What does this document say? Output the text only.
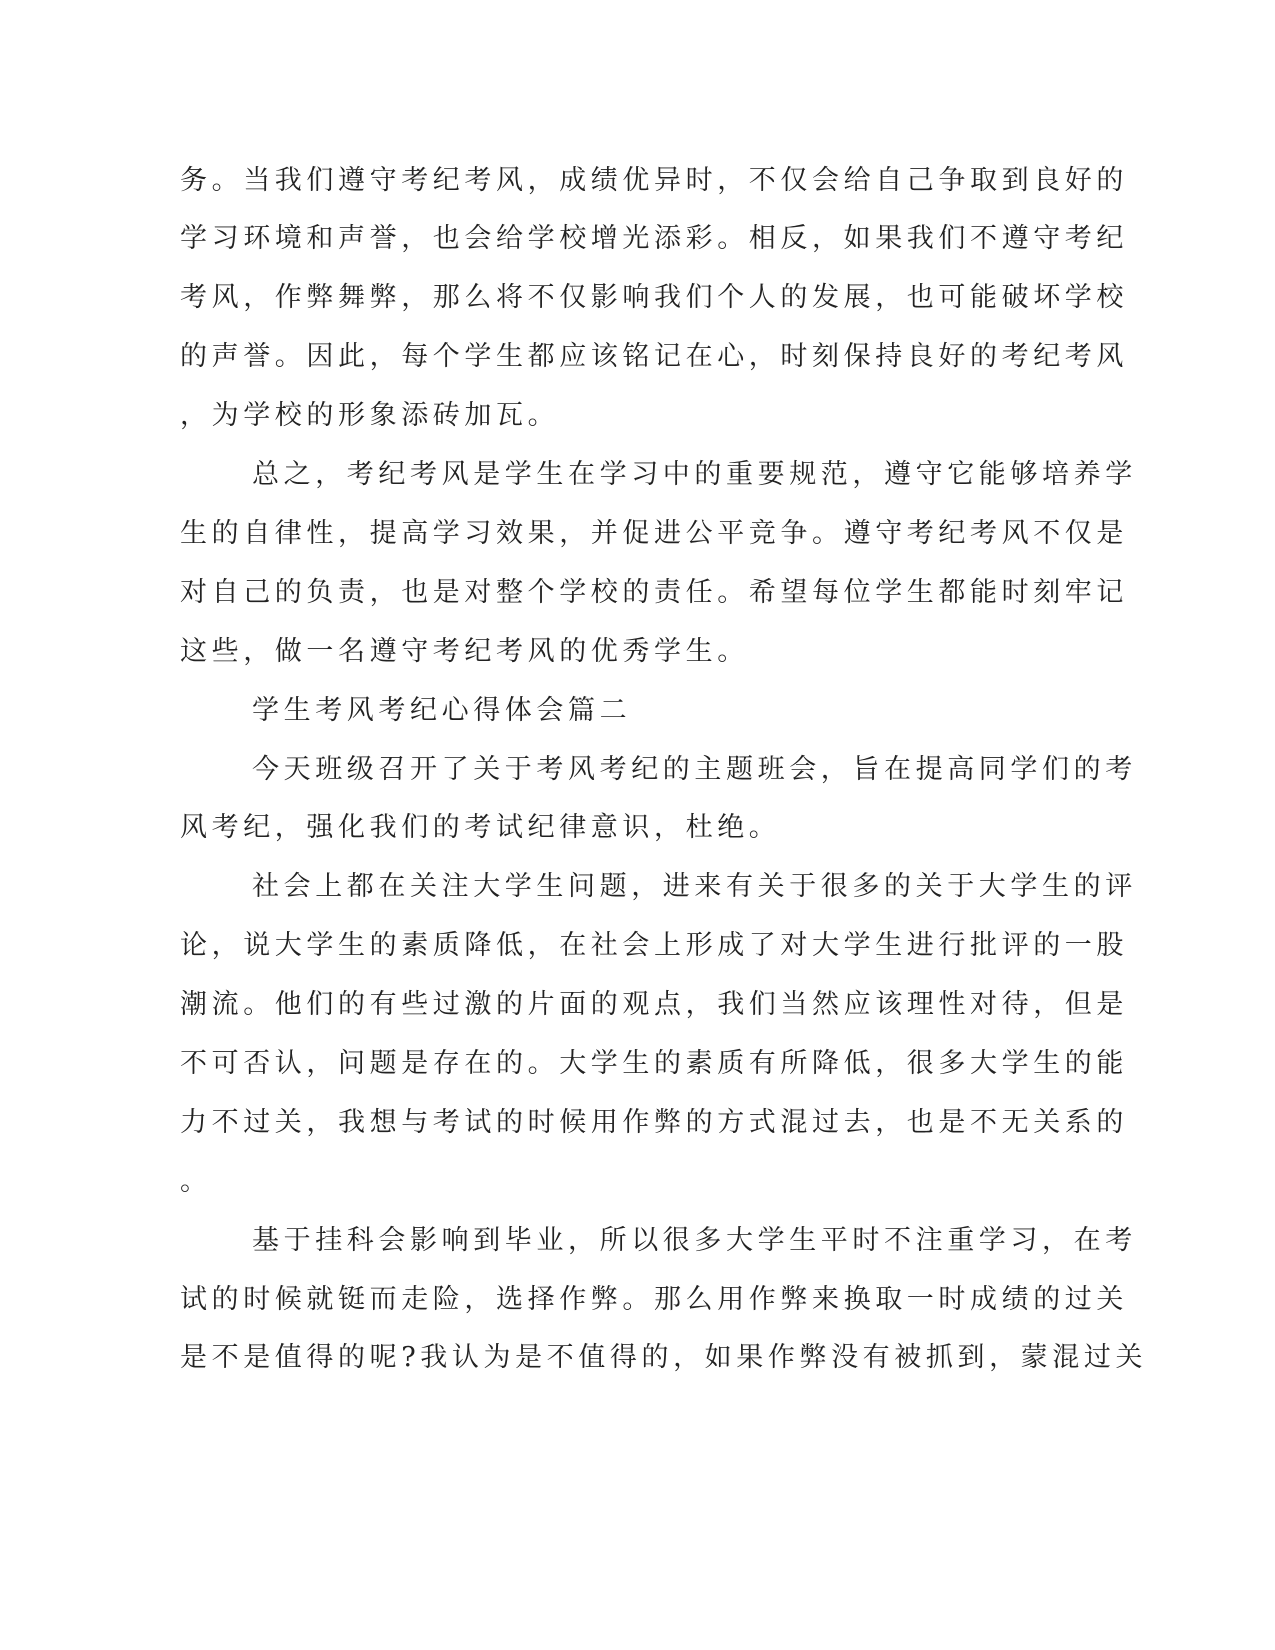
务。当我们遵守考纪考风，成绩优异时，不仅会给自己争取到良好的

学习环境和声誉，也会给学校增光添彩。相反，如果我们不遵守考纪

考风，作弊舞弊，那么将不仅影响我们个人的发展，也可能破坏学校

的声誉。因此，每个学生都应该铭记在心，时刻保持良好的考纪考风

，为学校的形象添砖加瓦。

总之，考纪考风是学生在学习中的重要规范，遵守它能够培养学

生的自律性，提高学习效果，并促进公平竞争。遵守考纪考风不仅是

对自己的负责，也是对整个学校的责任。希望每位学生都能时刻牢记

这些，做一名遵守考纪考风的优秀学生。

学生考风考纪心得体会篇二

今天班级召开了关于考风考纪的主题班会，旨在提高同学们的考

风考纪，强化我们的考试纪律意识，杜绝。

社会上都在关注大学生问题，进来有关于很多的关于大学生的评

论，说大学生的素质降低，在社会上形成了对大学生进行批评的一股

潮流。他们的有些过激的片面的观点，我们当然应该理性对待，但是

不可否认，问题是存在的。大学生的素质有所降低，很多大学生的能

力不过关，我想与考试的时候用作弊的方式混过去，也是不无关系的

。

基于挂科会影响到毕业，所以很多大学生平时不注重学习，在考

试的时候就铤而走险，选择作弊。那么用作弊来换取一时成绩的过关

是不是值得的呢?我认为是不值得的，如果作弊没有被抓到，蒙混过关
